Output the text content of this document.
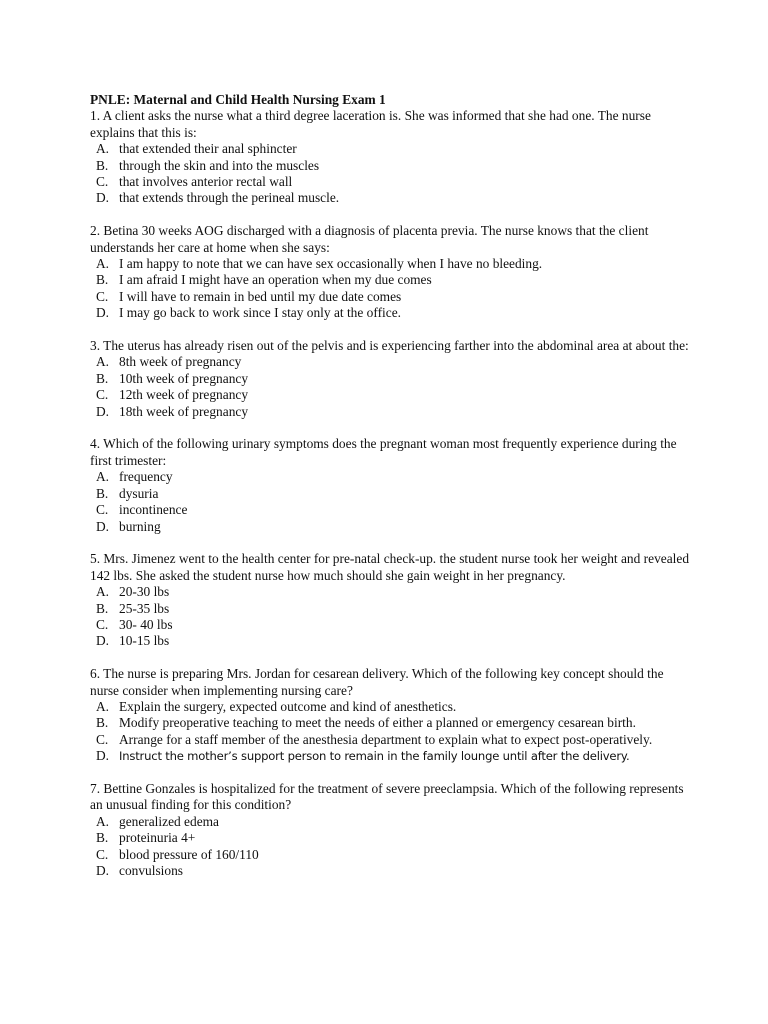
PNLE: Maternal and Child Health Nursing Exam 1

1. A client asks the nurse what a third degree laceration is. She was informed that she had one. The nurse explains that this is:

A. that extended their anal sphincter
B. through the skin and into the muscles
C. that involves anterior rectal wall
D. that extends through the perineal muscle.

2. Betina 30 weeks AOG discharged with a diagnosis of placenta previa. The nurse knows that the client understands her care at home when she says:

A. I am happy to note that we can have sex occasionally when I have no bleeding.
B. I am afraid I might have an operation when my due comes
C. I will have to remain in bed until my due date comes
D. I may go back to work since I stay only at the office.

3. The uterus has already risen out of the pelvis and is experiencing farther into the abdominal area at about the:

A. 8th week of pregnancy
B. 10th week of pregnancy
C. 12th week of pregnancy
D. 18th week of pregnancy

4. Which of the following urinary symptoms does the pregnant woman most frequently experience during the first trimester:

A. frequency
B. dysuria
C. incontinence
D. burning

5. Mrs. Jimenez went to the health center for pre-natal check-up. the student nurse took her weight and revealed 142 lbs. She asked the student nurse how much should she gain weight in her pregnancy.

A. 20-30 lbs
B. 25-35 lbs
C. 30- 40 lbs
D. 10-15 lbs

6. The nurse is preparing Mrs. Jordan for cesarean delivery. Which of the following key concept should the nurse consider when implementing nursing care?

A. Explain the surgery, expected outcome and kind of anesthetics.
B. Modify preoperative teaching to meet the needs of either a planned or emergency cesarean birth.
C. Arrange for a staff member of the anesthesia department to explain what to expect post-operatively.
D. Instruct the mother’s support person to remain in the family lounge until after the delivery.

7. Bettine Gonzales is hospitalized for the treatment of severe preeclampsia. Which of the following represents an unusual finding for this condition?

A. generalized edema
B. proteinuria 4+
C. blood pressure of 160/110
D. convulsions
